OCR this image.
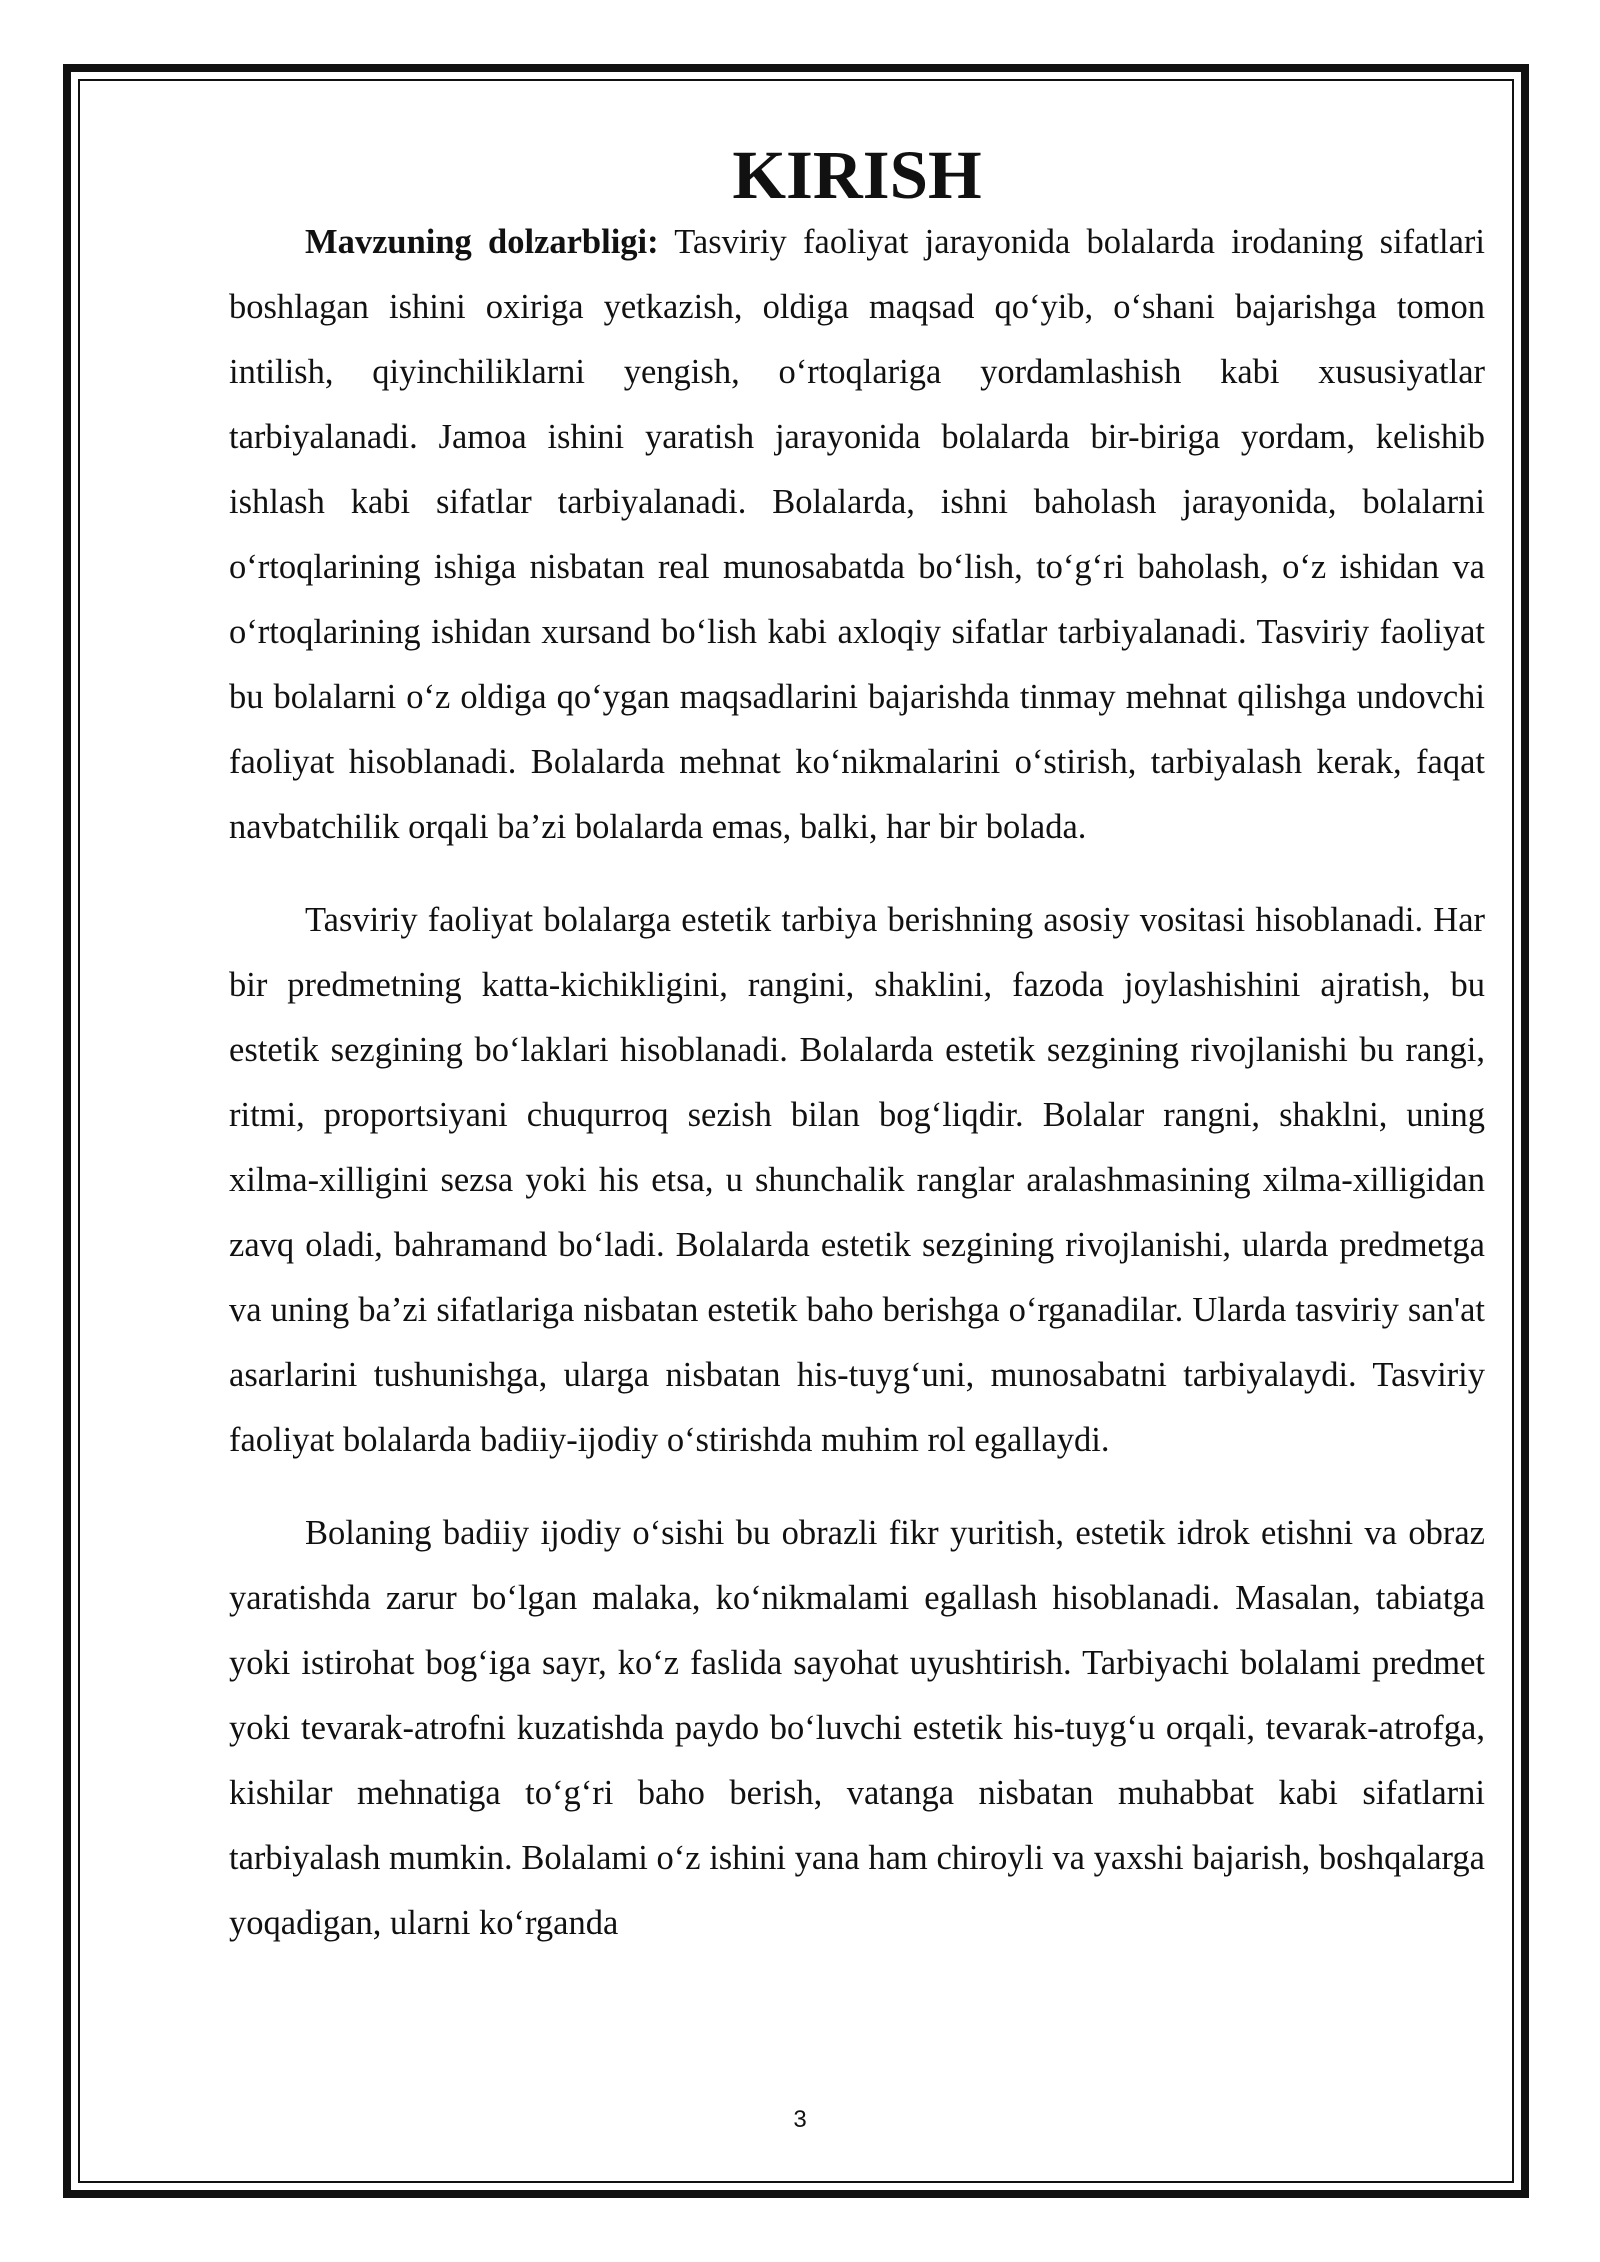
KIRISH

Mavzuning dolzarbligi: Tasviriy faoliyat jarayonida bolalarda irodaning sifatlari boshlagan ishini oxiriga yetkazish, oldiga maqsad qo‘yib, o‘shani bajarishga tomon intilish, qiyinchiliklarni yengish, o‘rtoqlariga yordamlashish kabi xususiyatlar tarbiyalanadi. Jamoa ishini yaratish jarayonida bolalarda bir-biriga yordam, kelishib ishlash kabi sifatlar tarbiyalanadi. Bolalarda, ishni baholash jarayonida, bolalarni o‘rtoqlarining ishiga nisbatan real munosabatda bo‘lish, to‘g‘ri baholash, o‘z ishidan va o‘rtoqlarining ishidan xursand bo‘lish kabi axloqiy sifatlar tarbiyalanadi. Tasviriy faoliyat bu bolalarni o‘z oldiga qo‘ygan maqsadlarini bajarishda tinmay mehnat qilishga undovchi faoliyat hisoblanadi. Bolalarda mehnat ko‘nikmalarini o‘stirish, tarbiyalash kerak, faqat navbatchilik orqali ba’zi bolalarda emas, balki, har bir bolada.

Tasviriy faoliyat bolalarga estetik tarbiya berishning asosiy vositasi hisoblanadi. Har bir predmetning katta-kichikligini, rangini, shaklini, fazoda joylashishini ajratish, bu estetik sezgining bo‘laklari hisoblanadi. Bolalarda estetik sezgining rivojlanishi bu rangi, ritmi, proportsiyani chuqurroq sezish bilan bog‘liqdir. Bolalar rangni, shaklni, uning xilma-xilligini sezsa yoki his etsa, u shunchalik ranglar aralashmasining xilma-xilligidan zavq oladi, bahramand bo‘ladi. Bolalarda estetik sezgining rivojlanishi, ularda predmetga va uning ba’zi sifatlariga nisbatan estetik baho berishga o‘rganadilar. Ularda tasviriy san'at asarlarini tushunishga, ularga nisbatan his-tuyg‘uni, munosabatni tarbiyalaydi. Tasviriy faoliyat bolalarda badiiy-ijodiy o‘stirishda muhim rol egallaydi.

Bolaning badiiy ijodiy o‘sishi bu obrazli fikr yuritish, estetik idrok etishni va obraz yaratishda zarur bo‘lgan malaka, ko‘nikmalami egallash hisoblanadi. Masalan, tabiatga yoki istirohat bog‘iga sayr, ko‘z faslida sayohat uyushtirish. Tarbiyachi bolalami predmet yoki tevarak-atrofni kuzatishda paydo bo‘luvchi estetik his-tuyg‘u orqali, tevarak-atrofga, kishilar mehnatiga to‘g‘ri baho berish, vatanga nisbatan muhabbat kabi sifatlarni tarbiyalash mumkin. Bolalami o‘z ishini yana ham chiroyli va yaxshi bajarish, boshqalarga yoqadigan, ularni ko‘rganda

3
